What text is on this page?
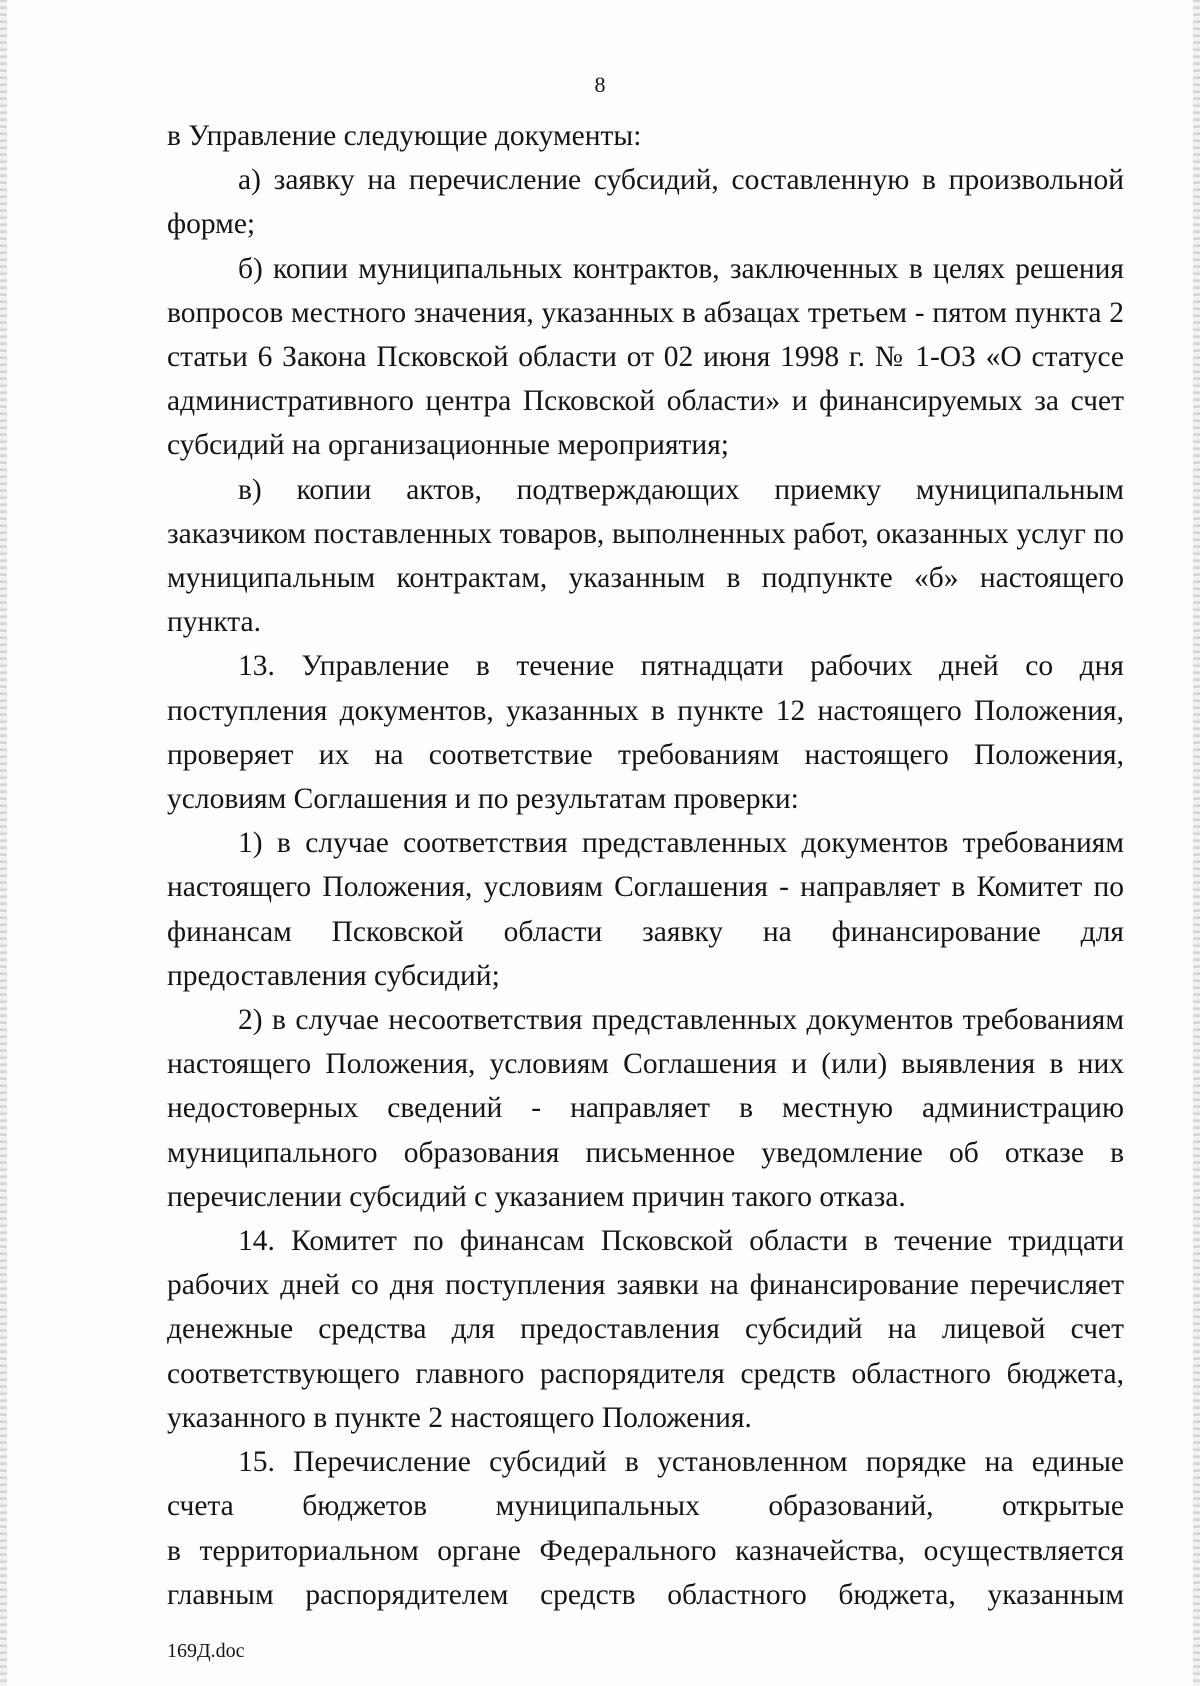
8

в Управление следующие документы:

а) заявку на перечисление субсидий, составленную в произвольной форме;

б) копии муниципальных контрактов, заключенных в целях решения вопросов местного значения, указанных в абзацах третьем - пятом пункта 2 статьи 6 Закона Псковской области от 02 июня 1998 г. № 1-ОЗ «О статусе административного центра Псковской области» и финансируемых за счет субсидий на организационные мероприятия;

в) копии актов, подтверждающих приемку муниципальным заказчиком поставленных товаров, выполненных работ, оказанных услуг по муниципальным контрактам, указанным в подпункте «б» настоящего пункта.

13. Управление в течение пятнадцати рабочих дней со дня поступления документов, указанных в пункте 12 настоящего Положения, проверяет их на соответствие требованиям настоящего Положения, условиям Соглашения и по результатам проверки:

1) в случае соответствия представленных документов требованиям настоящего Положения, условиям Соглашения - направляет в Комитет по финансам Псковской области заявку на финансирование для предоставления субсидий;

2) в случае несоответствия представленных документов требованиям настоящего Положения, условиям Соглашения и (или) выявления в них недостоверных сведений - направляет в местную администрацию муниципального образования письменное уведомление об отказе в перечислении субсидий с указанием причин такого отказа.

14. Комитет по финансам Псковской области в течение тридцати рабочих дней со дня поступления заявки на финансирование перечисляет денежные средства для предоставления субсидий на лицевой счет соответствующего главного распорядителя средств областного бюджета, указанного в пункте 2 настоящего Положения.

15. Перечисление субсидий в установленном порядке на единые
счета бюджетов муниципальных образований, открытые
в территориальном органе Федерального казначейства, осуществляется главным распорядителем средств областного бюджета, указанным

169Д.doc
